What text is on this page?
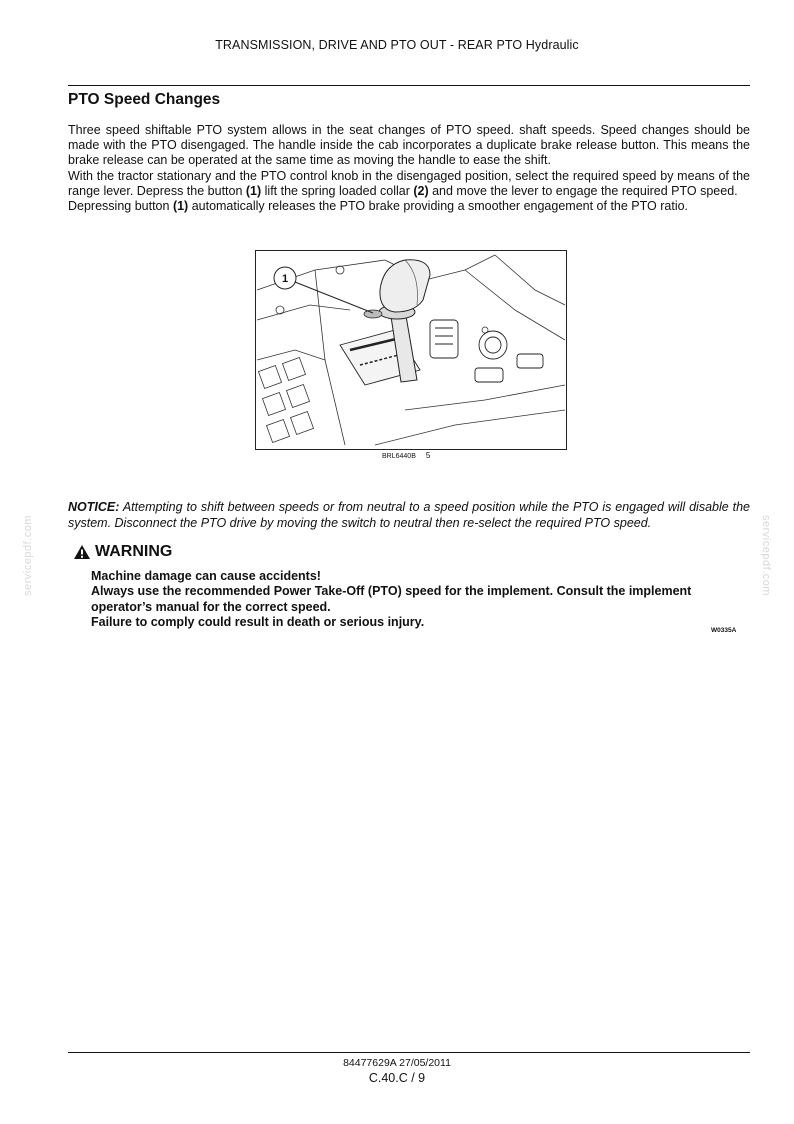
TRANSMISSION, DRIVE AND PTO OUT - REAR PTO Hydraulic
PTO Speed Changes

Three speed shiftable PTO system allows in the seat changes of PTO speed. shaft speeds. Speed changes should be made with the PTO disengaged. The handle inside the cab incorporates a duplicate brake release button. This means the brake release can be operated at the same time as moving the handle to ease the shift.

With the tractor stationary and the PTO control knob in the disengaged position, select the required speed by means of the range lever. Depress the button (1) lift the spring loaded collar (2) and move the lever to engage the required PTO speed.

Depressing button (1) automatically releases the PTO brake providing a smoother engagement of the PTO ratio.

1
BRL6440B 5
NOTICE: Attempting to shift between speeds or from neutral to a speed position while the PTO is engaged will disable the system. Disconnect the PTO drive by moving the switch to neutral then re-select the required PTO speed.
WARNING
Machine damage can cause accidents!
Always use the recommended Power Take-Off (PTO) speed for the implement. Consult the implement operator’s manual for the correct speed.
Failure to comply could result in death or serious injury.
W0335A
servicepdf.com	servicepdf.com
84477629A 27/05/2011
C.40.C / 9
